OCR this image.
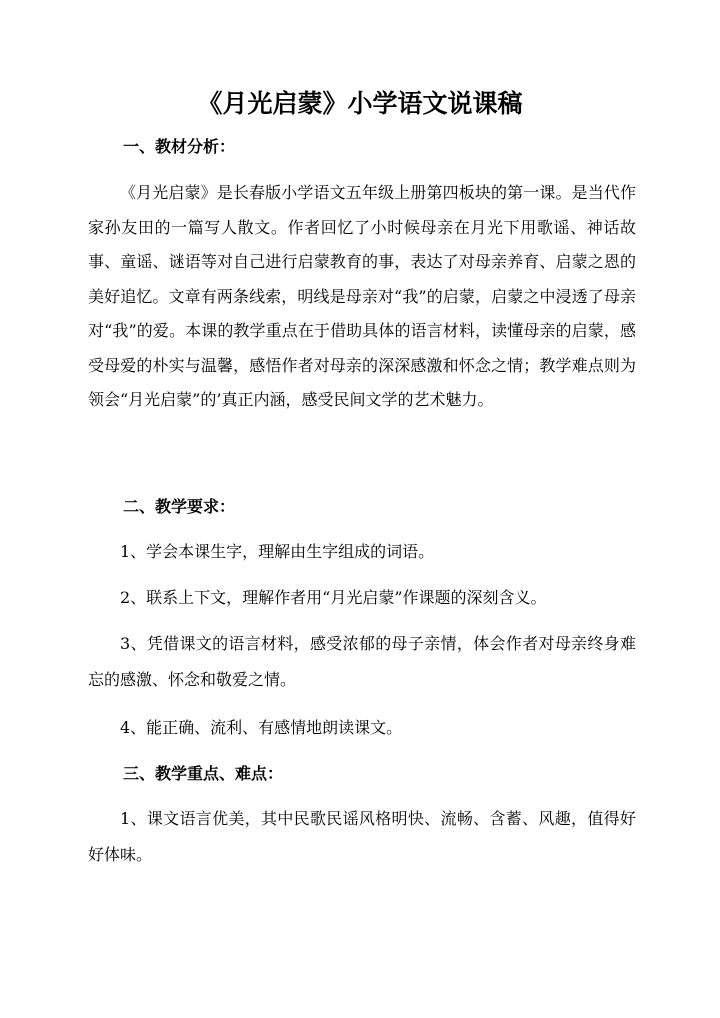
《月光启蒙》小学语文说课稿
一、教材分析：

《月光启蒙》是长春版小学语文五年级上册第四板块的第一课。是当代作家孙友田的一篇写人散文。作者回忆了小时候母亲在月光下用歌谣、神话故事、童谣、谜语等对自己进行启蒙教育的事，表达了对母亲养育、启蒙之恩的美好追忆。文章有两条线索，明线是母亲对“我”的启蒙，启蒙之中浸透了母亲对“我”的爱。本课的教学重点在于借助具体的语言材料，读懂母亲的启蒙，感受母爱的朴实与温馨，感悟作者对母亲的深深感激和怀念之情；教学难点则为领会“月光启蒙”的’真正内涵，感受民间文学的艺术魅力。

二、教学要求：

1、学会本课生字，理解由生字组成的词语。

2、联系上下文，理解作者用“月光启蒙”作课题的深刻含义。

3、凭借课文的语言材料，感受浓郁的母子亲情，体会作者对母亲终身难忘的感激、怀念和敬爱之情。

4、能正确、流利、有感情地朗读课文。

三、教学重点、难点：

1、课文语言优美，其中民歌民谣风格明快、流畅、含蓄、风趣，值得好好体味。
